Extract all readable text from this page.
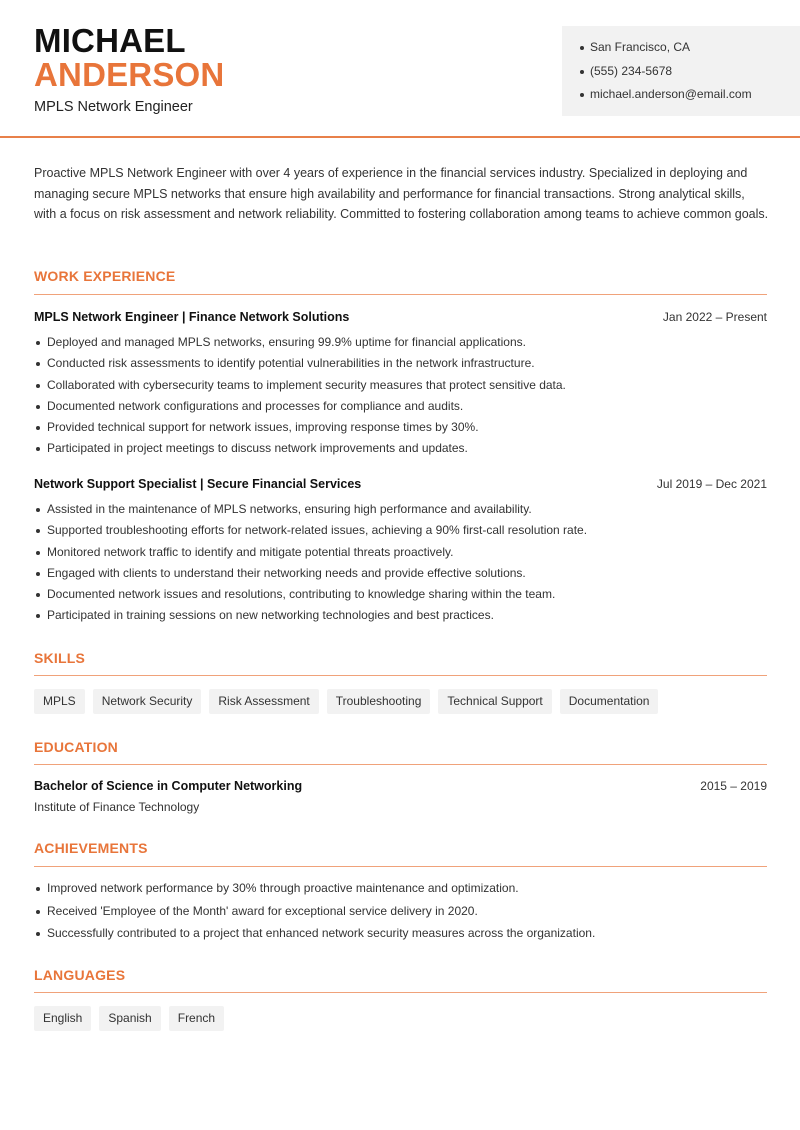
MICHAEL
ANDERSON
MPLS Network Engineer
San Francisco, CA
(555) 234-5678
michael.anderson@email.com

Proactive MPLS Network Engineer with over 4 years of experience in the financial services industry. Specialized in deploying and managing secure MPLS networks that ensure high availability and performance for financial transactions. Strong analytical skills, with a focus on risk assessment and network reliability. Committed to fostering collaboration among teams to achieve common goals.

WORK EXPERIENCE
MPLS Network Engineer | Finance Network Solutions	Jan 2022 – Present
Deployed and managed MPLS networks, ensuring 99.9% uptime for financial applications.
Conducted risk assessments to identify potential vulnerabilities in the network infrastructure.
Collaborated with cybersecurity teams to implement security measures that protect sensitive data.
Documented network configurations and processes for compliance and audits.
Provided technical support for network issues, improving response times by 30%.
Participated in project meetings to discuss network improvements and updates.
Network Support Specialist | Secure Financial Services	Jul 2019 – Dec 2021
Assisted in the maintenance of MPLS networks, ensuring high performance and availability.
Supported troubleshooting efforts for network-related issues, achieving a 90% first-call resolution rate.
Monitored network traffic to identify and mitigate potential threats proactively.
Engaged with clients to understand their networking needs and provide effective solutions.
Documented network issues and resolutions, contributing to knowledge sharing within the team.
Participated in training sessions on new networking technologies and best practices.
SKILLS
MPLS	Network Security	Risk Assessment	Troubleshooting	Technical Support	Documentation
EDUCATION
Bachelor of Science in Computer Networking	2015 – 2019
Institute of Finance Technology
ACHIEVEMENTS
Improved network performance by 30% through proactive maintenance and optimization.
Received 'Employee of the Month' award for exceptional service delivery in 2020.
Successfully contributed to a project that enhanced network security measures across the organization.
LANGUAGES
English	Spanish	French
